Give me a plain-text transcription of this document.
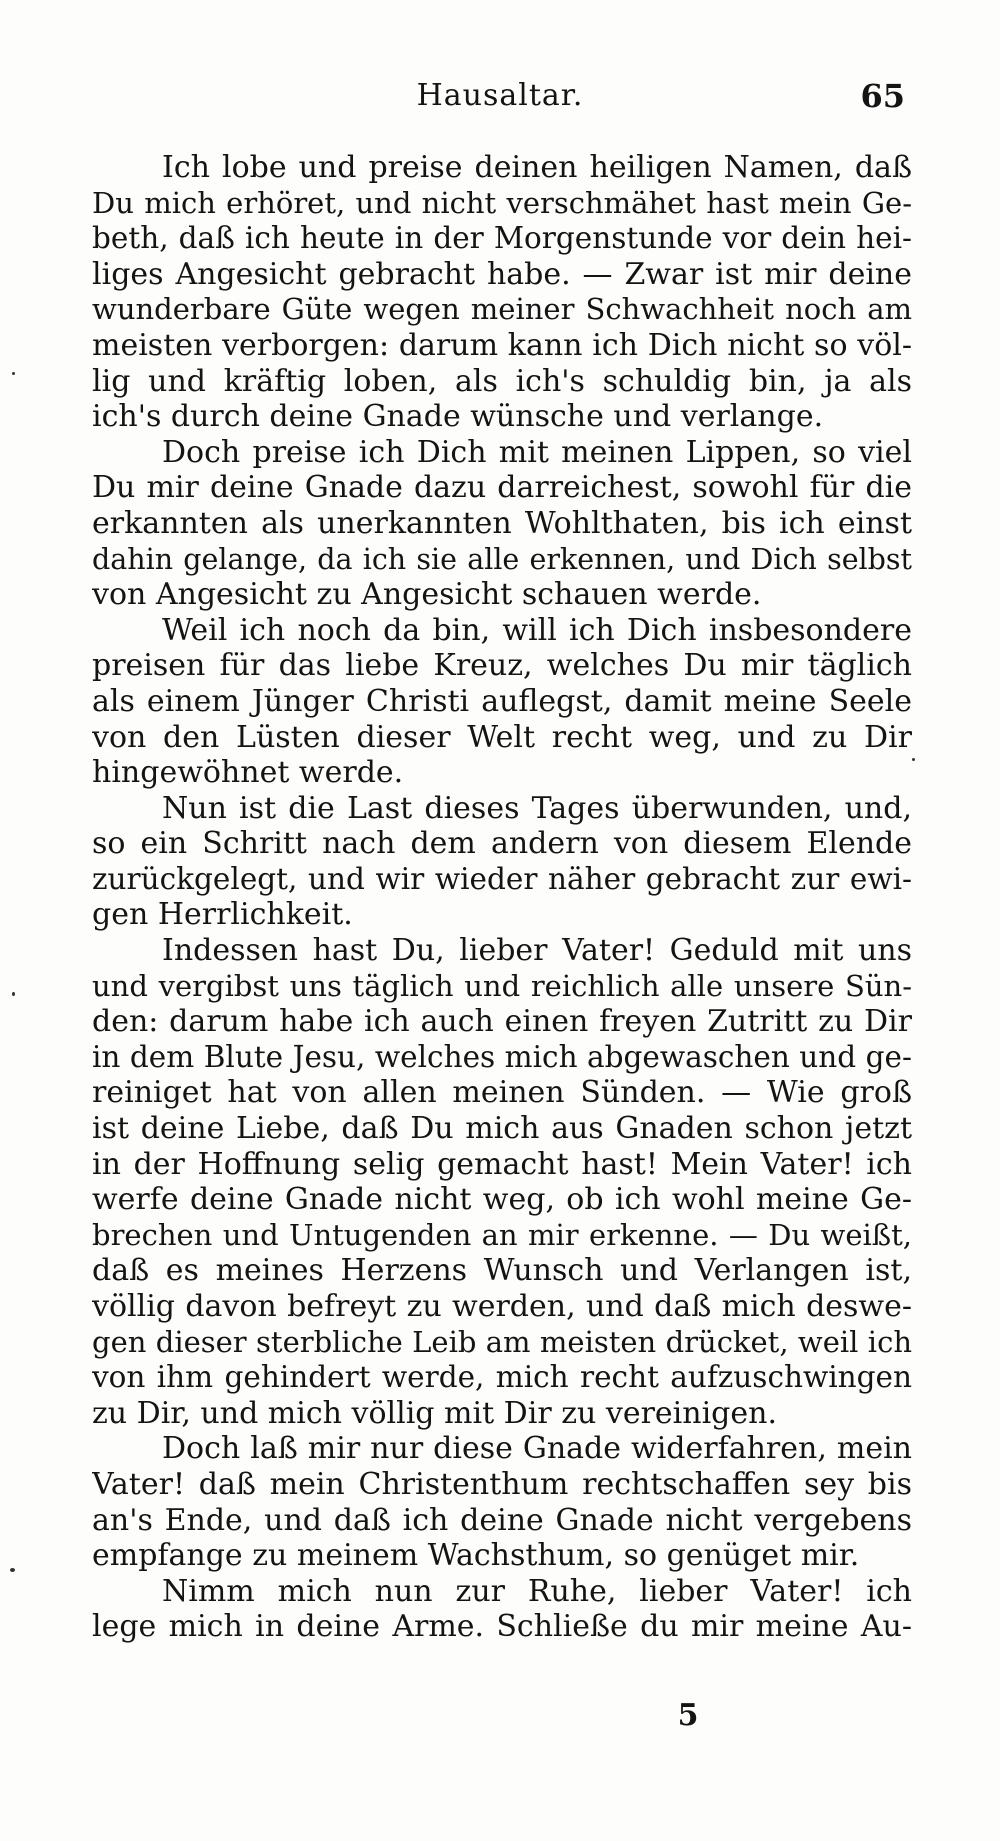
Hausaltar.	65
Ich lobe und preise deinen heiligen Namen, daß
Du mich erhöret, und nicht verschmähet hast mein Ge-
beth, daß ich heute in der Morgenstunde vor dein hei-
liges Angesicht gebracht habe. — Zwar ist mir deine
wunderbare Güte wegen meiner Schwachheit noch am
meisten verborgen: darum kann ich Dich nicht so völ-
lig und kräftig loben, als ich's schuldig bin, ja als
ich's durch deine Gnade wünsche und verlange.
Doch preise ich Dich mit meinen Lippen, so viel
Du mir deine Gnade dazu darreichest, sowohl für die
erkannten als unerkannten Wohlthaten, bis ich einst
dahin gelange, da ich sie alle erkennen, und Dich selbst
von Angesicht zu Angesicht schauen werde.
Weil ich noch da bin, will ich Dich insbesondere
preisen für das liebe Kreuz, welches Du mir täglich
als einem Jünger Christi auflegst, damit meine Seele
von den Lüsten dieser Welt recht weg, und zu Dir
hingewöhnet werde.
Nun ist die Last dieses Tages überwunden, und,
so ein Schritt nach dem andern von diesem Elende
zurückgelegt, und wir wieder näher gebracht zur ewi-
gen Herrlichkeit.
Indessen hast Du, lieber Vater! Geduld mit uns
und vergibst uns täglich und reichlich alle unsere Sün-
den: darum habe ich auch einen freyen Zutritt zu Dir
in dem Blute Jesu, welches mich abgewaschen und ge-
reiniget hat von allen meinen Sünden. — Wie groß
ist deine Liebe, daß Du mich aus Gnaden schon jetzt
in der Hoffnung selig gemacht hast! Mein Vater! ich
werfe deine Gnade nicht weg, ob ich wohl meine Ge-
brechen und Untugenden an mir erkenne. — Du weißt,
daß es meines Herzens Wunsch und Verlangen ist,
völlig davon befreyt zu werden, und daß mich deswe-
gen dieser sterbliche Leib am meisten drücket, weil ich
von ihm gehindert werde, mich recht aufzuschwingen
zu Dir, und mich völlig mit Dir zu vereinigen.
Doch laß mir nur diese Gnade widerfahren, mein
Vater! daß mein Christenthum rechtschaffen sey bis
an's Ende, und daß ich deine Gnade nicht vergebens
empfange zu meinem Wachsthum, so genüget mir.
Nimm mich nun zur Ruhe, lieber Vater! ich
lege mich in deine Arme. Schließe du mir meine Au-
5
